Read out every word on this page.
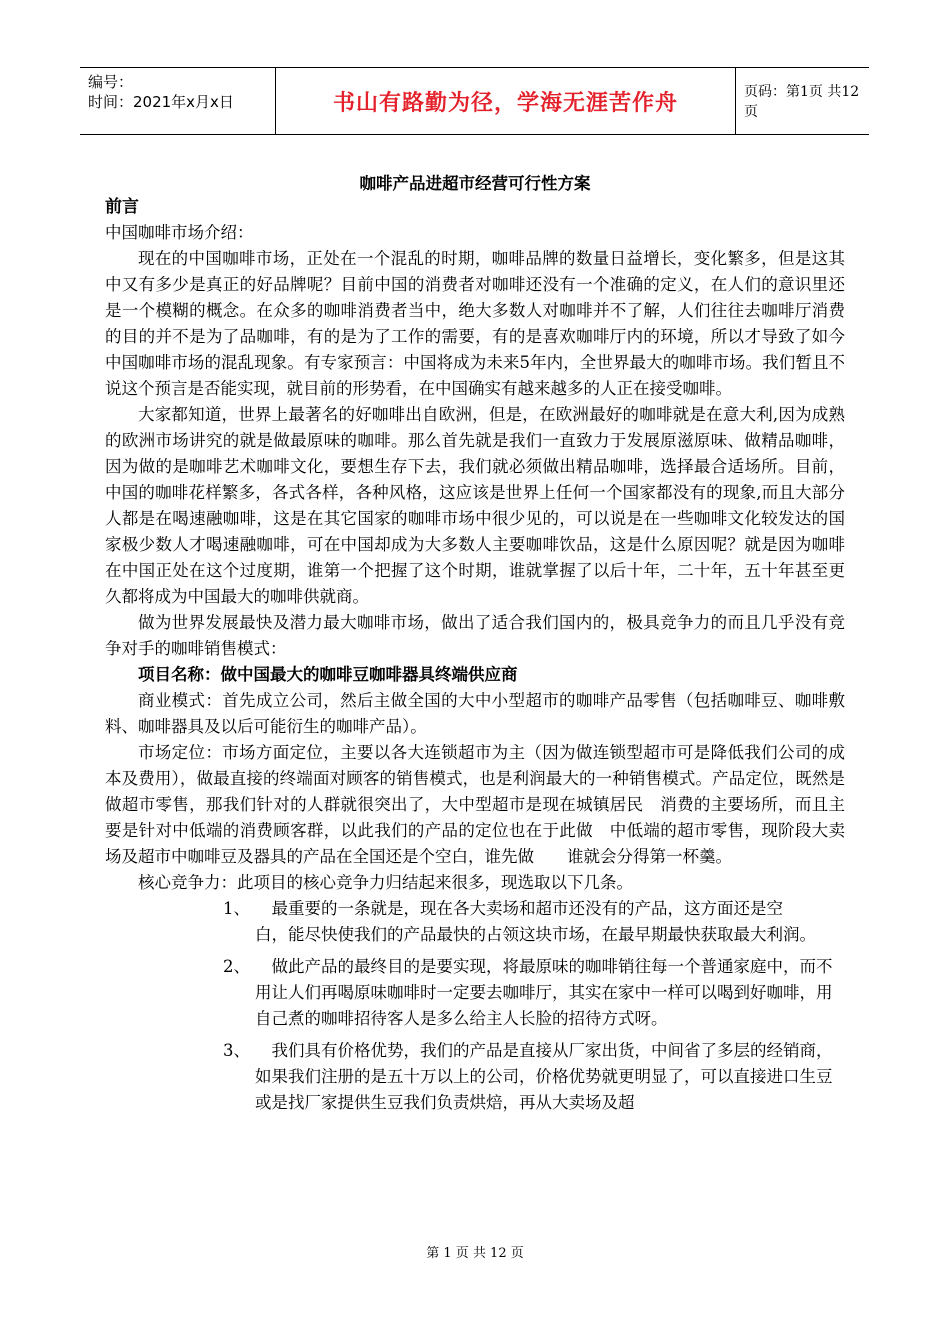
编号：
时间：2021年x月x日	书山有路勤为径，学海无涯苦作舟	页码：第1页 共12页
咖啡产品进超市经营可行性方案

前言

中国咖啡市场介绍：

现在的中国咖啡市场，正处在一个混乱的时期，咖啡品牌的数量日益增长，变化繁多，但是这其中又有多少是真正的好品牌呢？目前中国的消费者对咖啡还没有一个准确的定义，在人们的意识里还是一个模糊的概念。在众多的咖啡消费者当中，绝大多数人对咖啡并不了解，人们往往去咖啡厅消费的目的并不是为了品咖啡，有的是为了工作的需要，有的是喜欢咖啡厅内的环境，所以才导致了如今中国咖啡市场的混乱现象。有专家预言：中国将成为未来5年内，全世界最大的咖啡市场。我们暂且不说这个预言是否能实现，就目前的形势看，在中国确实有越来越多的人正在接受咖啡。

大家都知道，世界上最著名的好咖啡出自欧洲，但是，在欧洲最好的咖啡就是在意大利,因为成熟的欧洲市场讲究的就是做最原味的咖啡。那么首先就是我们一直致力于发展原滋原味、做精品咖啡，因为做的是咖啡艺术咖啡文化，要想生存下去，我们就必须做出精品咖啡，选择最合适场所。目前，中国的咖啡花样繁多，各式各样，各种风格，这应该是世界上任何一个国家都没有的现象,而且大部分人都是在喝速融咖啡，这是在其它国家的咖啡市场中很少见的，可以说是在一些咖啡文化较发达的国家极少数人才喝速融咖啡，可在中国却成为大多数人主要咖啡饮品，这是什么原因呢？就是因为咖啡在中国正处在这个过度期，谁第一个把握了这个时期，谁就掌握了以后十年，二十年，五十年甚至更久都将成为中国最大的咖啡供就商。

做为世界发展最快及潜力最大咖啡市场，做出了适合我们国内的，极具竞争力的而且几乎没有竞争对手的咖啡销售模式：

项目名称：做中国最大的咖啡豆咖啡器具终端供应商

商业模式：首先成立公司，然后主做全国的大中小型超市的咖啡产品零售（包括咖啡豆、咖啡敷料、咖啡器具及以后可能衍生的咖啡产品）。

市场定位：市场方面定位，主要以各大连锁超市为主（因为做连锁型超市可是降低我们公司的成本及费用），做最直接的终端面对顾客的销售模式，也是利润最大的一种销售模式。产品定位，既然是做超市零售，那我们针对的人群就很突出了，大中型超市是现在城镇居民　消费的主要场所，而且主要是针对中低端的消费顾客群，以此我们的产品的定位也在于此做　中低端的超市零售，现阶段大卖场及超市中咖啡豆及器具的产品在全国还是个空白，谁先做　　谁就会分得第一杯羹。

核心竞争力：此项目的核心竞争力归结起来很多，现选取以下几条。

1、	最重要的一条就是，现在各大卖场和超市还没有的产品，这方面还是空
白，能尽快使我们的产品最快的占领这块市场，在最早期最快获取最大利润。
2、	做此产品的最终目的是要实现，将最原味的咖啡销往每一个普通家庭中，而不用让人们再喝原味咖啡时一定要去咖啡厅，其实在家中一样可以喝到好咖啡，用自己煮的咖啡招待客人是多么给主人长脸的招待方式呀。
3、	我们具有价格优势，我们的产品是直接从厂家出货，中间省了多层的经销商，如果我们注册的是五十万以上的公司，价格优势就更明显了，可以直接进口生豆或是找厂家提供生豆我们负责烘焙，再从大卖场及超
第 1 页 共 12 页
